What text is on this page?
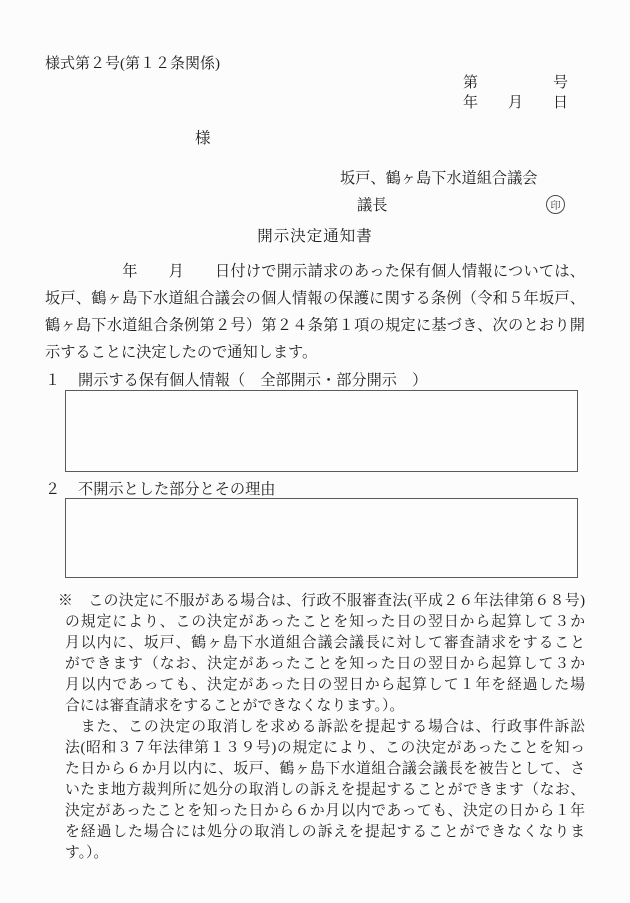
様式第２号(第１２条関係)
第　　　　　号
年　　月　　日
様
坂戸、鶴ヶ島下水道組合議会
議長	印
開示決定通知書
　　　　　年　　月　　日付けで開示請求のあった保有個人情報については、
坂戸、鶴ヶ島下水道組合議会の個人情報の保護に関する条例（令和５年坂戸、
鶴ヶ島下水道組合条例第２号）第２４条第１項の規定に基づき、次のとおり開
示することに決定したので通知します。
１	開示する保有個人情報（　全部開示・部分開示　）
２	不開示とした部分とその理由
※　この決定に不服がある場合は、行政不服審査法(平成２６年法律第６８号)
の規定により、この決定があったことを知った日の翌日から起算して３か
月以内に、坂戸、鶴ヶ島下水道組合議会議長に対して審査請求をすること
ができます（なお、決定があったことを知った日の翌日から起算して３か
月以内であっても、決定があった日の翌日から起算して１年を経過した場
合には審査請求をすることができなくなります。）。
　また、この決定の取消しを求める訴訟を提起する場合は、行政事件訴訟
法(昭和３７年法律第１３９号)の規定により、この決定があったことを知っ
た日から６か月以内に、坂戸、鶴ヶ島下水道組合議会議長を被告として、さ
いたま地方裁判所に処分の取消しの訴えを提起することができます（なお、
決定があったことを知った日から６か月以内であっても、決定の日から１年
を経過した場合には処分の取消しの訴えを提起することができなくなりま
す。）。
